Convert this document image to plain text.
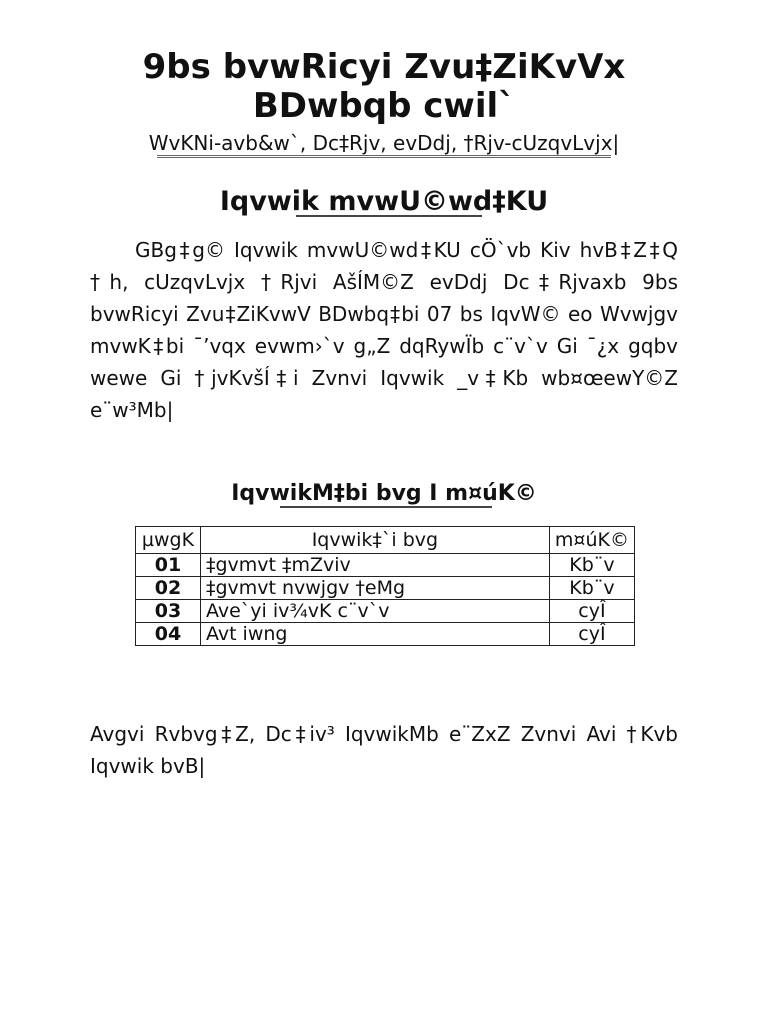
9bs bvwRicyi Zvu‡ZiKvVx
BDwbqb cwil`

WvKNi-avb&w`, Dc‡Rjv, evDdj, †Rjv-cUzqvLvjx|

Iqvwik mvwU©wd‡KU

GBg‡g© Iqvwik mvwU©wd‡KU cÖ`vb Kiv hvB‡Z‡Q †h, cUzqvLvjx †Rjvi AšÍM©Z evDdj Dc‡Rjvaxb 9bs bvwRicyi Zvu‡ZiKvwV BDwbq‡bi 07 bs IqvW© eo Wvwjgv mvwK‡bi ¯’vqx evwm›`v g„Z dqRywÏb c¨v`v Gi ¯¿x gqbv wewe Gi †jvKvšÍ‡i Zvnvi Iqvwik _v‡Kb wb¤œewY©Z e¨w³Mb|

IqvwikM‡bi bvg I m¤úK©
µwgK	Iqvwik‡`i bvg	m¤úK©
01	‡gvmvt ‡mZviv	Kb¨v
02	‡gvmvt nvwjgv †eMg	Kb¨v
03	Ave`yi iv¾vK c¨v`v	cyÎ
04	Avt iwng	cyÎ

Avgvi Rvbvg‡Z, Dc‡iv³ IqvwikMb e¨ZxZ Zvnvi Avi †Kvb Iqvwik bvB|
